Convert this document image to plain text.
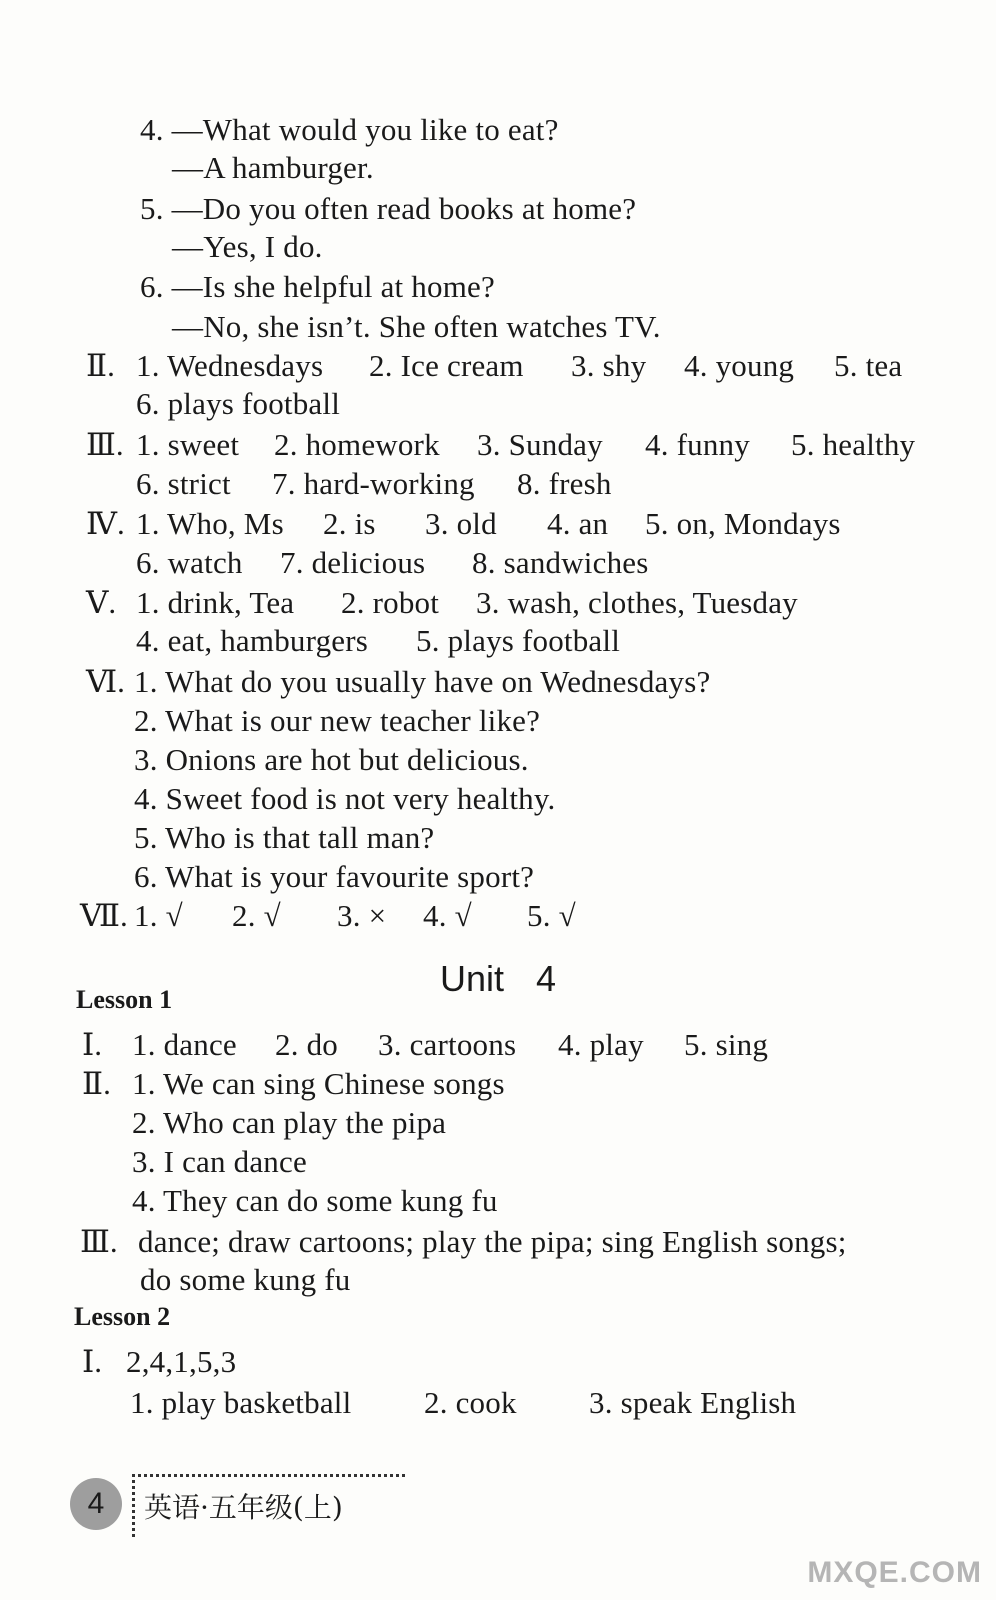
4. —What would you like to eat?
—A hamburger.
5. —Do you often read books at home?
—Yes, I do.
6. —Is she helpful at home?
—No, she isn’t. She often watches TV.
Ⅱ. 1. Wednesdays 2. Ice cream 3. shy 4. young 5. tea
6. plays football
Ⅲ. 1. sweet 2. homework 3. Sunday 4. funny 5. healthy
6. strict 7. hard-working 8. fresh
Ⅳ. 1. Who, Ms 2. is 3. old 4. an 5. on, Mondays
6. watch 7. delicious 8. sandwiches
Ⅴ. 1. drink, Tea 2. robot 3. wash, clothes, Tuesday
4. eat, hamburgers 5. plays football
Ⅵ. 1. What do you usually have on Wednesdays?
2. What is our new teacher like?
3. Onions are hot but delicious.
4. Sweet food is not very healthy.
5. Who is that tall man?
6. What is your favourite sport?
Ⅶ. 1. √ 2. √ 3. × 4. √ 5. √
Unit 4
Lesson 1
Ⅰ. 1. dance 2. do 3. cartoons 4. play 5. sing
Ⅱ. 1. We can sing Chinese songs
2. Who can play the pipa
3. I can dance
4. They can do some kung fu
Ⅲ. dance; draw cartoons; play the pipa; sing English songs;
do some kung fu
Lesson 2
Ⅰ. 2,4,1,5,3
1. play basketball 2. cook 3. speak English
4	英语·五年级(上)
MXQE.COM
